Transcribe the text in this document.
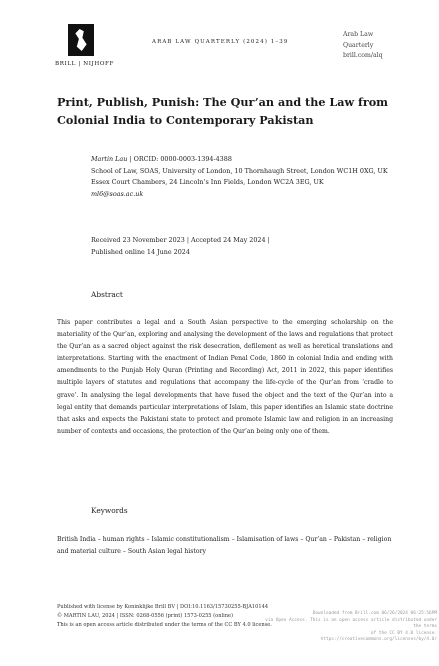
BRILL | NIJHOFF
ARAB LAW QUARTERLY (2024) 1–39
Arab Law
Quarterly
brill.com/alq
Print, Publish, Punish: The Qur’an and the Law from Colonial India to Contemporary Pakistan
Martin Lau | ORCID: 0000-0003-1394-4388
School of Law, SOAS, University of London, 10 Thornhaugh Street, London WC1H 0XG, UK
Essex Court Chambers, 24 Lincoln’s Inn Fields, London WC2A 3EG, UK
ml6@soas.ac.uk
Received 23 November 2023 | Accepted 24 May 2024 |
Published online 14 June 2024
Abstract
This paper contributes a legal and a South Asian perspective to the emerging scholarship on the materiality of the Qur’an, exploring and analysing the development of the laws and regulations that protect the Qur’an as a sacred object against the risk desecration, defilement as well as heretical translations and interpretations. Starting with the enactment of Indian Penal Code, 1860 in colonial India and ending with amendments to the Punjab Holy Quran (Printing and Recording) Act, 2011 in 2022, this paper identifies multiple layers of statutes and regulations that accompany the life-cycle of the Qur’an from ‘cradle to grave’. In analysing the legal developments that have fused the object and the text of the Qur’an into a legal entity that demands particular interpretations of Islam, this paper identifies an Islamic state doctrine that asks and expects the Pakistani state to protect and promote Islamic law and religion in an increasing number of contexts and occasions, the protection of the Qur’an being only one of them.
Keywords
British India – human rights – Islamic constitutionalism – Islamisation of laws – Qur’an – Pakistan – religion and material culture – South Asian legal history
Published with license by Koninklijke Brill BV | DOI:10.1163/15730255-BJA10144
© MARTIN LAU, 2024 | ISSN: 0268-0556 (print) 1573-0255 (online)
This is an open access article distributed under the terms of the CC BY 4.0 license.
Downloaded from Brill.com 06/26/2024 06:25:56PM
via Open Access. This is an open access article distributed under the terms
of the CC BY 4.0 license.
https://creativecommons.org/licenses/by/4.0/
